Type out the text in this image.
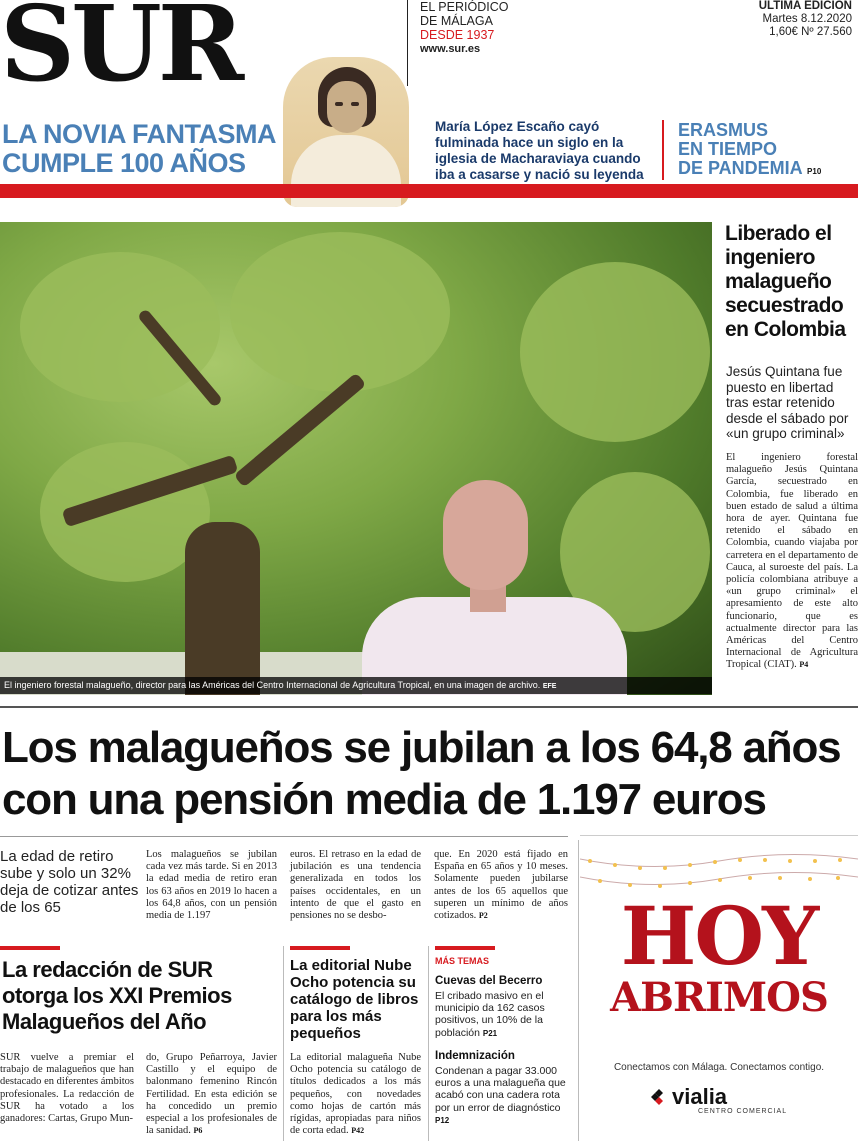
SUR	EL PERIÓDICO
DE MÁLAGA
DESDE 1937
www.sur.es
ÚLTIMA EDICIÓN
Martes 8.12.2020
1,60€ Nº 27.560
LA NOVIA FANTASMA
CUMPLE 100 AÑOS
María López Escaño cayó fulminada hace un siglo en la iglesia de Macharaviaya cuando iba a casarse y nació su leyenda
ERASMUS
EN TIEMPO
DE PANDEMIA P10
El ingeniero forestal malagueño, director para las Américas del Centro Internacional de Agricultura Tropical, en una imagen de archivo. EFE
Liberado el ingeniero malagueño secuestrado en Colombia
Jesús Quintana fue puesto en libertad tras estar retenido desde el sábado por «un grupo criminal»
El ingeniero forestal malagueño Jesús Quintana García, secuestrado en Colombia, fue liberado en buen estado de salud a última hora de ayer. Quintana fue retenido el sábado en Colombia, cuando viajaba por carretera en el departamento de Cauca, al suroeste del país. La policía colombiana atribuye a «un grupo criminal» el apresamiento de este alto funcionario, que es actualmente director para las Américas del Centro Internacional de Agricultura Tropical (CIAT). P4
Los malagueños se jubilan a los 64,8 años
con una pensión media de 1.197 euros
La edad de retiro sube y solo un 32% deja de cotizar antes de los 65
Los malagueños se jubilan cada vez más tarde. Si en 2013 la edad media de retiro eran los 63 años en 2019 lo hacen a los 64,8 años, con un pensión media de 1.197
euros. El retraso en la edad de jubilación es una tendencia generalizada en todos los países occidentales, en un intento de que el gasto en pensiones no se desbo-
que. En 2020 está fijado en España en 65 años y 10 meses. Solamente pueden jubilarse antes de los 65 aquellos que superen un mínimo de años cotizados. P2	HOY
ABRIMOS
Conectamos con Málaga. Conectamos contigo.
vialia
CENTRO COMERCIAL
La redacción de SUR otorga los XXI Premios Malagueños del Año
SUR vuelve a premiar el trabajo de malagueños que han destacado en diferentes ámbitos profesionales. La redacción de SUR ha votado a los ganadores: Cartas, Grupo Mun-
do, Grupo Peñarroya, Javier Castillo y el equipo de balonmano femenino Rincón Fertilidad. En esta edición se ha concedido un premio especial a los profesionales de la sanidad. P6
La editorial Nube Ocho potencia su catálogo de libros para los más pequeños
La editorial malagueña Nube Ocho potencia su catálogo de títulos dedicados a los más pequeños, con novedades como hojas de cartón más rígidas, apropiadas para niños de corta edad. P42
MÁS TEMAS
Cuevas del Becerro
El cribado masivo en el municipio da 162 casos positivos, un 10% de la población P21
Indemnización
Condenan a pagar 33.000 euros a una malagueña que acabó con una cadera rota por un error de diagnóstico P12
